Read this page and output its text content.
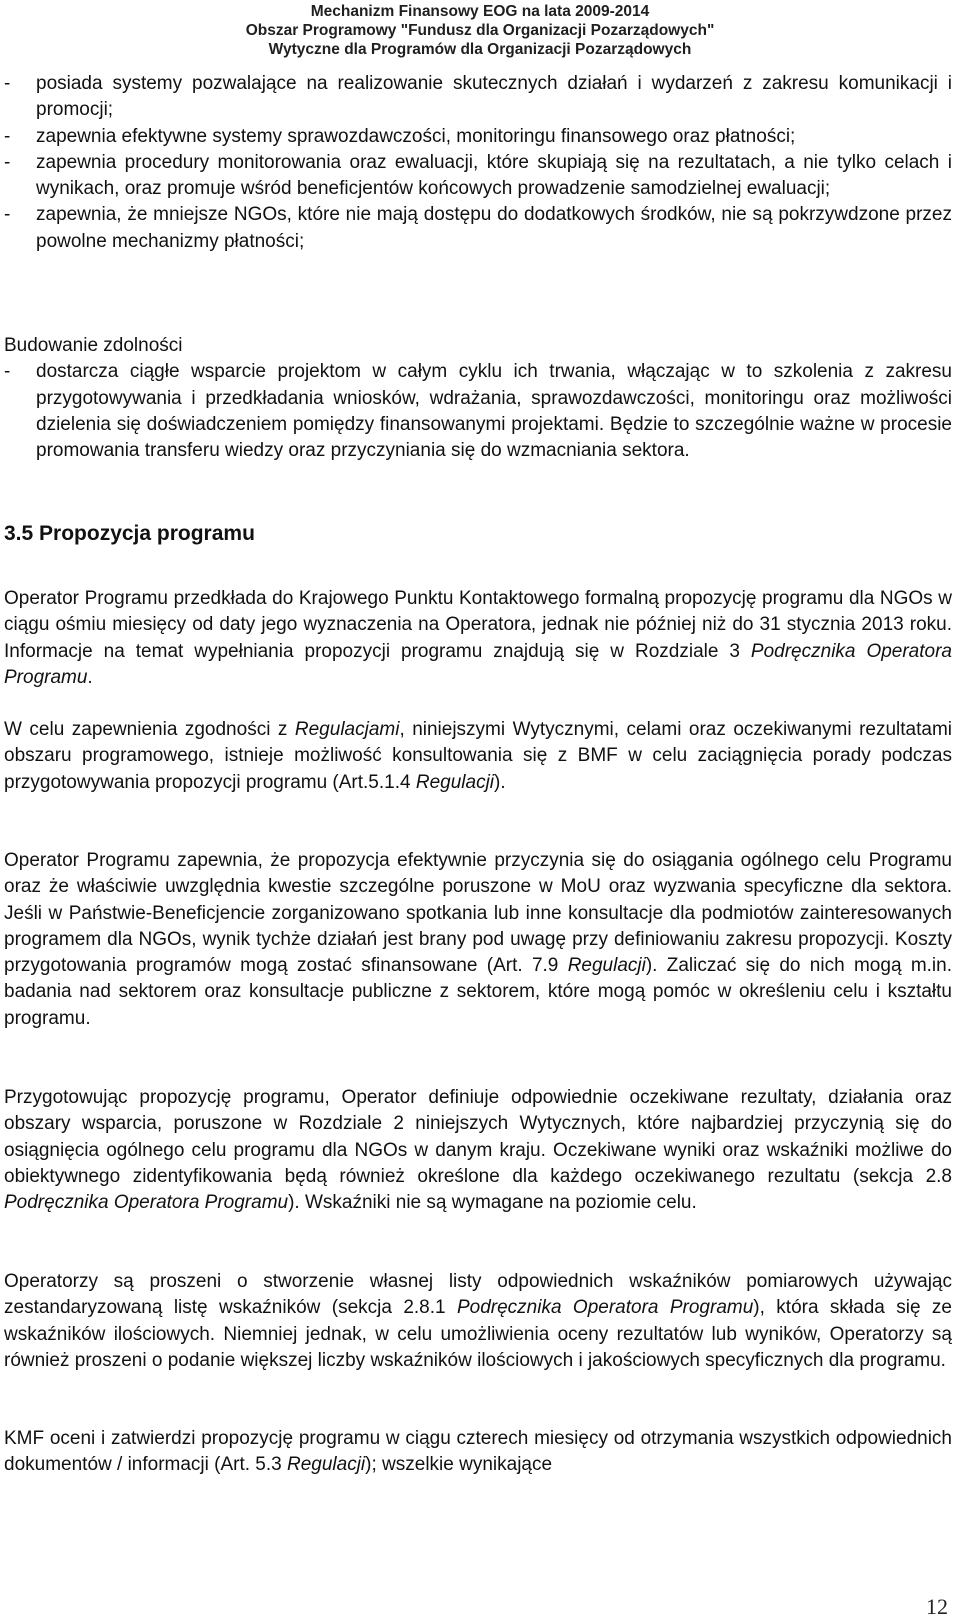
Mechanizm Finansowy EOG na lata 2009-2014
Obszar Programowy "Fundusz dla Organizacji Pozarządowych"
Wytyczne dla Programów dla Organizacji Pozarządowych
- posiada systemy pozwalające na realizowanie skutecznych działań i wydarzeń z zakresu komunikacji i promocji;
- zapewnia efektywne systemy sprawozdawczości, monitoringu finansowego oraz płatności;
- zapewnia procedury monitorowania oraz ewaluacji, które skupiają się na rezultatach, a nie tylko celach i wynikach, oraz promuje wśród beneficjentów końcowych prowadzenie samodzielnej ewaluacji;
- zapewnia, że mniejsze NGOs, które nie mają dostępu do dodatkowych środków, nie są pokrzywdzone przez powolne mechanizmy płatności;
Budowanie zdolności
- dostarcza ciągłe wsparcie projektom w całym cyklu ich trwania, włączając w to szkolenia z zakresu przygotowywania i przedkładania wniosków, wdrażania, sprawozdawczości, monitoringu oraz możliwości dzielenia się doświadczeniem pomiędzy finansowanymi projektami. Będzie to szczególnie ważne w procesie promowania transferu wiedzy oraz przyczyniania się do wzmacniania sektora.
3.5 Propozycja programu
Operator Programu przedkłada do Krajowego Punktu Kontaktowego formalną propozycję programu dla NGOs w ciągu ośmiu miesięcy od daty jego wyznaczenia na Operatora, jednak nie później niż do 31 stycznia 2013 roku. Informacje na temat wypełniania propozycji programu znajdują się w Rozdziale 3 Podręcznika Operatora Programu.
W celu zapewnienia zgodności z Regulacjami, niniejszymi Wytycznymi, celami oraz oczekiwanymi rezultatami obszaru programowego, istnieje możliwość konsultowania się z BMF w celu zaciągnięcia porady podczas przygotowywania propozycji programu (Art.5.1.4 Regulacji).
Operator Programu zapewnia, że propozycja efektywnie przyczynia się do osiągania ogólnego celu Programu oraz że właściwie uwzględnia kwestie szczególne poruszone w MoU oraz wyzwania specyficzne dla sektora. Jeśli w Państwie-Beneficjencie zorganizowano spotkania lub inne konsultacje dla podmiotów zainteresowanych programem dla NGOs, wynik tychże działań jest brany pod uwagę przy definiowaniu zakresu propozycji. Koszty przygotowania programów mogą zostać sfinansowane (Art. 7.9 Regulacji). Zaliczać się do nich mogą m.in. badania nad sektorem oraz konsultacje publiczne z sektorem, które mogą pomóc w określeniu celu i kształtu programu.
Przygotowując propozycję programu, Operator definiuje odpowiednie oczekiwane rezultaty, działania oraz obszary wsparcia, poruszone w Rozdziale 2 niniejszych Wytycznych, które najbardziej przyczynią się do osiągnięcia ogólnego celu programu dla NGOs w danym kraju. Oczekiwane wyniki oraz wskaźniki możliwe do obiektywnego zidentyfikowania będą również określone dla każdego oczekiwanego rezultatu (sekcja 2.8 Podręcznika Operatora Programu). Wskaźniki nie są wymagane na poziomie celu.
Operatorzy są proszeni o stworzenie własnej listy odpowiednich wskaźników pomiarowych używając zestandaryzowaną listę wskaźników (sekcja 2.8.1 Podręcznika Operatora Programu), która składa się ze wskaźników ilościowych. Niemniej jednak, w celu umożliwienia oceny rezultatów lub wyników, Operatorzy są również proszeni o podanie większej liczby wskaźników ilościowych i jakościowych specyficznych dla programu.
KMF oceni i zatwierdzi propozycję programu w ciągu czterech miesięcy od otrzymania wszystkich odpowiednich dokumentów / informacji (Art. 5.3 Regulacji); wszelkie wynikające
12
